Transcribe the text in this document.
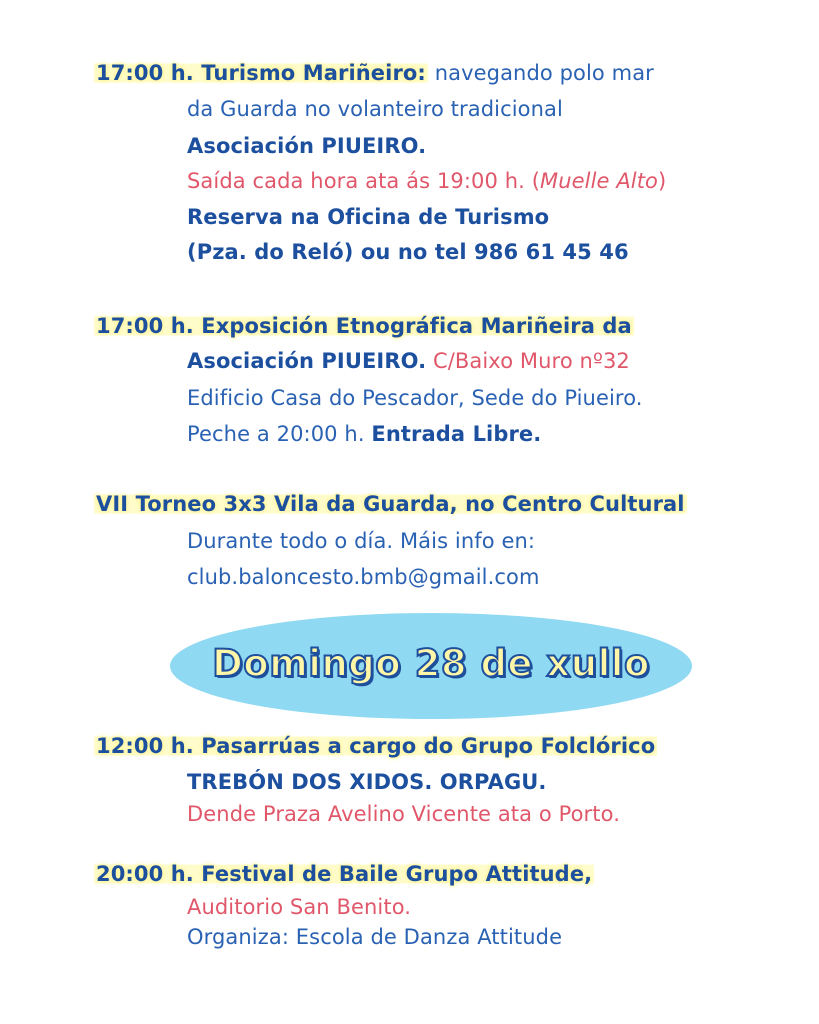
17:00 h. Turismo Mariñeiro: navegando polo mar
da Guarda no volanteiro tradicional
Asociación PIUEIRO.
Saída cada hora ata ás 19:00 h. (Muelle Alto)
Reserva na Oficina de Turismo
(Pza. do Reló) ou no tel 986 61 45 46
17:00 h. Exposición Etnográfica Mariñeira da
Asociación PIUEIRO. C/Baixo Muro nº32
Edificio Casa do Pescador, Sede do Piueiro.
Peche a 20:00 h. Entrada Libre.
VII Torneo 3x3 Vila da Guarda, no Centro Cultural
Durante todo o día. Máis info en:
club.baloncesto.bmb@gmail.com
Domingo 28 de xullo
12:00 h. Pasarrúas a cargo do Grupo Folclórico
TREBÓN DOS XIDOS. ORPAGU.
Dende Praza Avelino Vicente ata o Porto.
20:00 h. Festival de Baile Grupo Attitude,
Auditorio San Benito.
Organiza: Escola de Danza Attitude
